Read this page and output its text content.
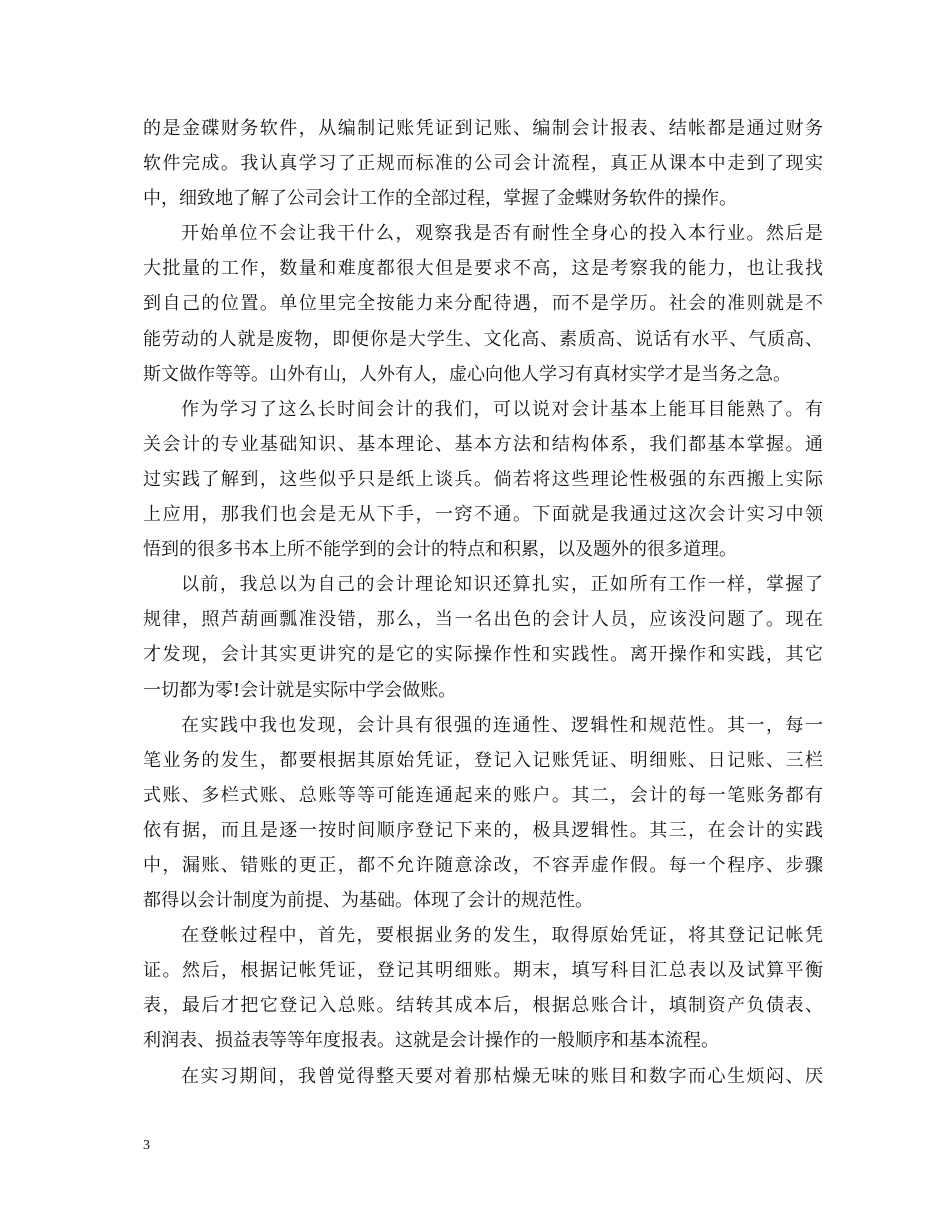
的是金碟财务软件，从编制记账凭证到记账、编制会计报表、结帐都是通过财务
软件完成。我认真学习了正规而标准的公司会计流程，真正从课本中走到了现实
中，细致地了解了公司会计工作的全部过程，掌握了金蝶财务软件的操作。
开始单位不会让我干什么，观察我是否有耐性全身心的投入本行业。然后是
大批量的工作，数量和难度都很大但是要求不高，这是考察我的能力，也让我找
到自己的位置。单位里完全按能力来分配待遇，而不是学历。社会的准则就是不
能劳动的人就是废物，即便你是大学生、文化高、素质高、说话有水平、气质高、
斯文做作等等。山外有山，人外有人，虚心向他人学习有真材实学才是当务之急。
作为学习了这么长时间会计的我们，可以说对会计基本上能耳目能熟了。有
关会计的专业基础知识、基本理论、基本方法和结构体系，我们都基本掌握。通
过实践了解到，这些似乎只是纸上谈兵。倘若将这些理论性极强的东西搬上实际
上应用，那我们也会是无从下手，一窍不通。下面就是我通过这次会计实习中领
悟到的很多书本上所不能学到的会计的特点和积累，以及题外的很多道理。
以前，我总以为自己的会计理论知识还算扎实，正如所有工作一样，掌握了
规律，照芦葫画瓢准没错，那么，当一名出色的会计人员，应该没问题了。现在
才发现，会计其实更讲究的是它的实际操作性和实践性。离开操作和实践，其它
一切都为零!会计就是实际中学会做账。
在实践中我也发现，会计具有很强的连通性、逻辑性和规范性。其一，每一
笔业务的发生，都要根据其原始凭证，登记入记账凭证、明细账、日记账、三栏
式账、多栏式账、总账等等可能连通起来的账户。其二，会计的每一笔账务都有
依有据，而且是逐一按时间顺序登记下来的，极具逻辑性。其三，在会计的实践
中，漏账、错账的更正，都不允许随意涂改，不容弄虚作假。每一个程序、步骤
都得以会计制度为前提、为基础。体现了会计的规范性。
在登帐过程中，首先，要根据业务的发生，取得原始凭证，将其登记记帐凭
证。然后，根据记帐凭证，登记其明细账。期末，填写科目汇总表以及试算平衡
表，最后才把它登记入总账。结转其成本后，根据总账合计，填制资产负债表、
利润表、损益表等等年度报表。这就是会计操作的一般顺序和基本流程。
在实习期间，我曾觉得整天要对着那枯燥无味的账目和数字而心生烦闷、厌
3
